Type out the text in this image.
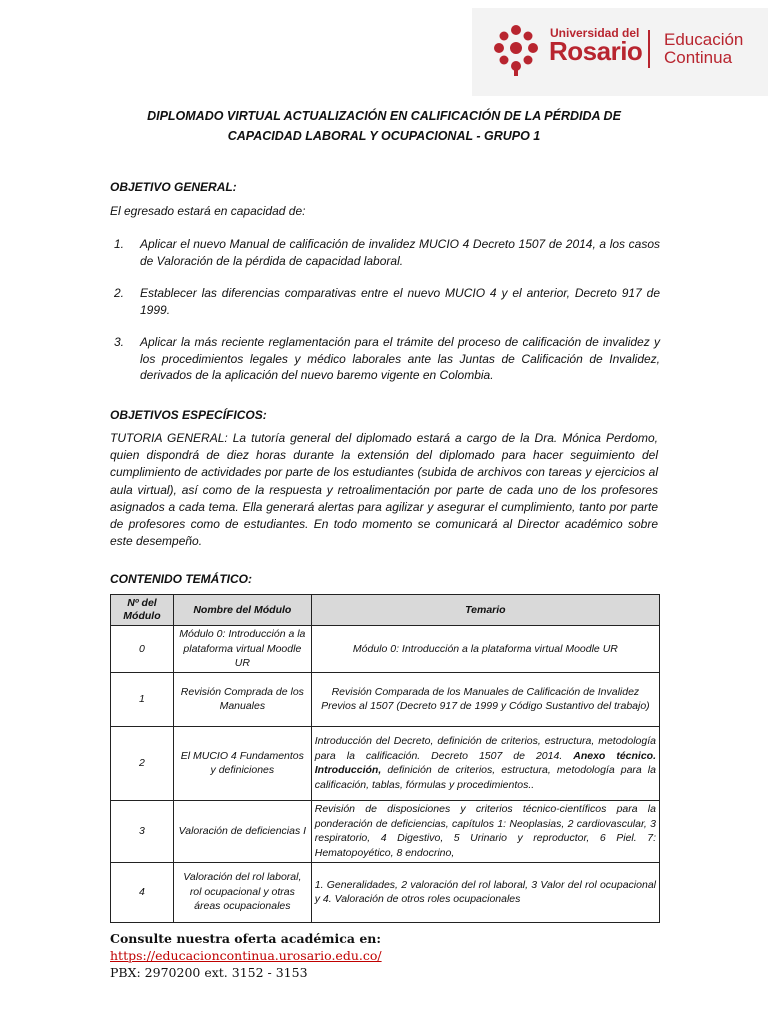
Universidad del
Rosario Educación
Continua
DIPLOMADO VIRTUAL ACTUALIZACIÓN EN CALIFICACIÓN DE LA PÉRDIDA DE
CAPACIDAD LABORAL Y OCUPACIONAL - GRUPO 1
OBJETIVO GENERAL:
El egresado estará en capacidad de:
1. Aplicar el nuevo Manual de calificación de invalidez MUCIO 4 Decreto 1507 de 2014, a los casos de Valoración de la pérdida de capacidad laboral.
2. Establecer las diferencias comparativas entre el nuevo MUCIO 4 y el anterior, Decreto 917 de 1999.
3. Aplicar la más reciente reglamentación para el trámite del proceso de calificación de invalidez y los procedimientos legales y médico laborales ante las Juntas de Calificación de Invalidez, derivados de la aplicación del nuevo baremo vigente en Colombia.
OBJETIVOS ESPECÍFICOS:
TUTORIA GENERAL: La tutoría general del diplomado estará a cargo de la Dra. Mónica Perdomo, quien dispondrá de diez horas durante la extensión del diplomado para hacer seguimiento del cumplimiento de actividades por parte de los estudiantes (subida de archivos con tareas y ejercicios al aula virtual), así como de la respuesta y retroalimentación por parte de cada uno de los profesores asignados a cada tema. Ella generará alertas para agilizar y asegurar el cumplimiento, tanto por parte de profesores como de estudiantes. En todo momento se comunicará al Director académico sobre este desempeño.
CONTENIDO TEMÁTICO:
Nº del Módulo	Nombre del Módulo	Temario
0	Módulo 0: Introducción a la plataforma virtual Moodle UR	Módulo 0: Introducción a la plataforma virtual Moodle UR
1	Revisión Comprada de los Manuales	Revisión Comparada de los Manuales de Calificación de Invalidez Previos al 1507 (Decreto 917 de 1999 y Código Sustantivo del trabajo)
2	El MUCIO 4 Fundamentos y definiciones	Introducción del Decreto, definición de criterios, estructura, metodología para la calificación. Decreto 1507 de 2014. Anexo técnico. Introducción, definición de criterios, estructura, metodología para la calificación, tablas, fórmulas y procedimientos..
3	Valoración de deficiencias I	Revisión de disposiciones y criterios técnico-científicos para la ponderación de deficiencias, capítulos 1: Neoplasias, 2 cardiovascular, 3 respiratorio, 4 Digestivo, 5 Urinario y reproductor, 6 Piel. 7: Hematopoyético, 8 endocrino,
4	Valoración del rol laboral, rol ocupacional y otras áreas ocupacionales	1. Generalidades, 2 valoración del rol laboral, 3 Valor del rol ocupacional y 4. Valoración de otros roles ocupacionales
Consulte nuestra oferta académica en:
https://educacioncontinua.urosario.edu.co/
PBX: 2970200 ext. 3152 - 3153
